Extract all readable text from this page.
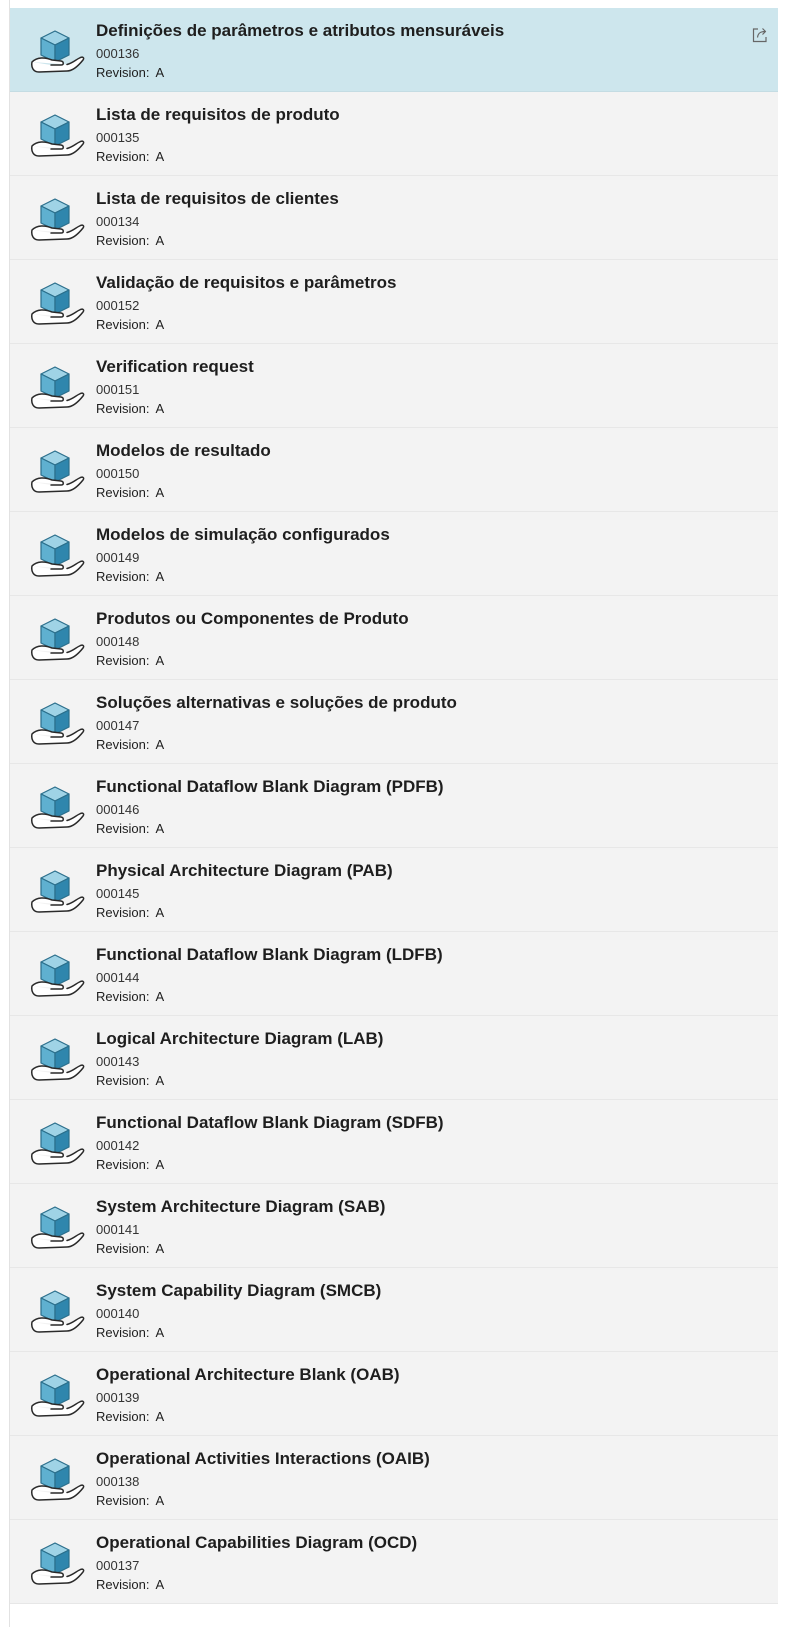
Definições de parâmetros e atributos mensuráveis
000136
Revision: A
Lista de requisitos de produto
000135
Revision: A
Lista de requisitos de clientes
000134
Revision: A
Validação de requisitos e parâmetros
000152
Revision: A
Verification request
000151
Revision: A
Modelos de resultado
000150
Revision: A
Modelos de simulação configurados
000149
Revision: A
Produtos ou Componentes de Produto
000148
Revision: A
Soluções alternativas e soluções de produto
000147
Revision: A
Functional Dataflow Blank Diagram (PDFB)
000146
Revision: A
Physical Architecture Diagram (PAB)
000145
Revision: A
Functional Dataflow Blank Diagram (LDFB)
000144
Revision: A
Logical Architecture Diagram (LAB)
000143
Revision: A
Functional Dataflow Blank Diagram (SDFB)
000142
Revision: A
System Architecture Diagram (SAB)
000141
Revision: A
System Capability Diagram (SMCB)
000140
Revision: A
Operational Architecture Blank (OAB)
000139
Revision: A
Operational Activities Interactions (OAIB)
000138
Revision: A
Operational Capabilities Diagram (OCD)
000137
Revision: A
